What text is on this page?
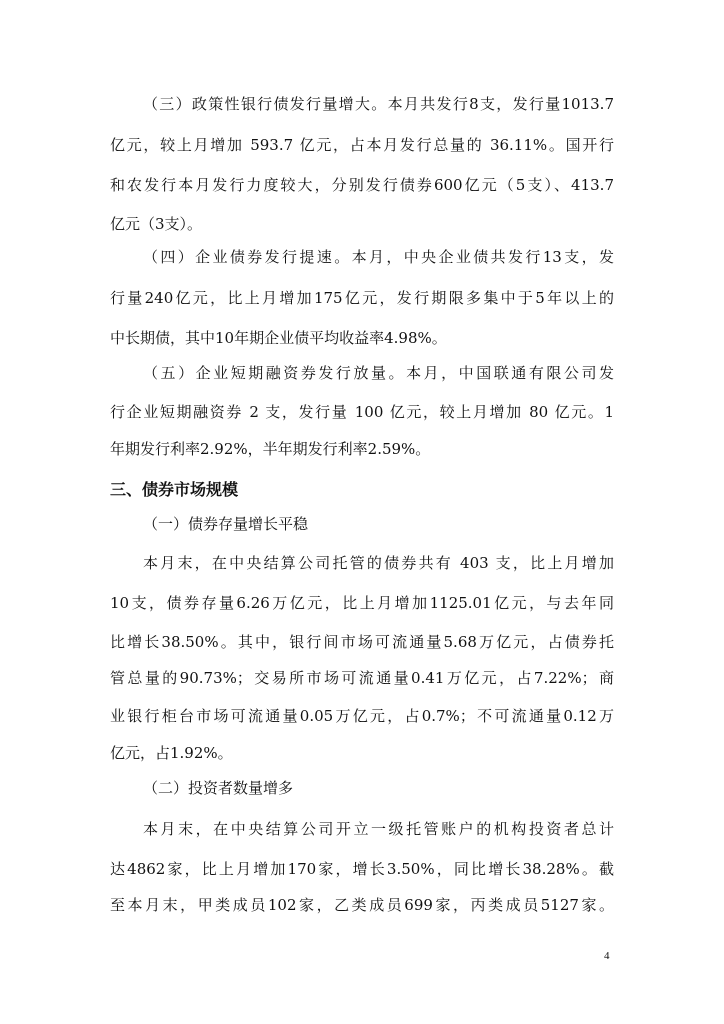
（三）政策性银行债发行量增大。本月共发行8支，发行量1013.7
亿元，较上月增加 593.7 亿元，占本月发行总量的 36.11%。国开行
和农发行本月发行力度较大，分别发行债券600亿元（5支）、413.7
亿元（3支）。
（四）企业债券发行提速。本月，中央企业债共发行13支，发
行量240亿元，比上月增加175亿元，发行期限多集中于5年以上的
中长期债，其中10年期企业债平均收益率4.98%。
（五）企业短期融资券发行放量。本月，中国联通有限公司发
行企业短期融资券 2 支，发行量 100 亿元，较上月增加 80 亿元。1
年期发行利率2.92%，半年期发行利率2.59%。
三、债券市场规模
（一）债券存量增长平稳
本月末，在中央结算公司托管的债券共有 403 支，比上月增加
10支，债券存量6.26万亿元，比上月增加1125.01亿元，与去年同
比增长38.50%。其中，银行间市场可流通量5.68万亿元，占债券托
管总量的90.73%；交易所市场可流通量0.41万亿元，占7.22%；商
业银行柜台市场可流通量0.05万亿元，占0.7%；不可流通量0.12万
亿元，占1.92%。
（二）投资者数量增多
本月末，在中央结算公司开立一级托管账户的机构投资者总计
达4862家，比上月增加170家，增长3.50%，同比增长38.28%。截
至本月末，甲类成员102家，乙类成员699家，丙类成员5127家。
4
